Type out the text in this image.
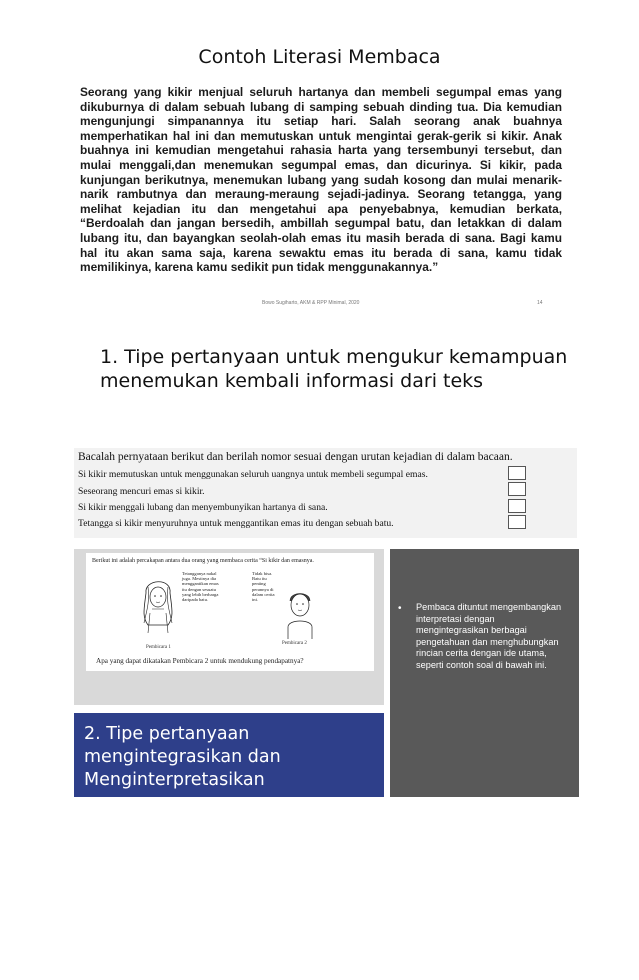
Contoh Literasi Membaca
Seorang yang kikir menjual seluruh hartanya dan membeli segumpal emas yang dikuburnya di dalam sebuah lubang di samping sebuah dinding tua. Dia kemudian mengunjungi simpanannya itu setiap hari. Salah seorang anak buahnya memperhatikan hal ini dan memutuskan untuk mengintai gerak-gerik si kikir. Anak buahnya ini kemudian mengetahui rahasia harta yang tersembunyi tersebut, dan mulai menggali,dan menemukan segumpal emas, dan dicurinya. Si kikir, pada kunjungan berikutnya, menemukan lubang yang sudah kosong dan mulai menarik-narik rambutnya dan meraung-meraung sejadi-jadinya. Seorang tetangga, yang melihat kejadian itu dan mengetahui apa penyebabnya, kemudian berkata, “Berdoalah dan jangan bersedih, ambillah segumpal batu, dan letakkan di dalam lubang itu, dan bayangkan seolah-olah emas itu masih berada di sana. Bagi kamu hal itu akan sama saja, karena sewaktu emas itu berada di sana, kamu tidak memilikinya, karena kamu sedikit pun tidak menggunakannya.”
Bowo Sugiharto, AKM & RPP Minimal, 2020	14
1. Tipe pertanyaan untuk mengukur kemampuan menemukan kembali informasi dari teks
Bacalah pernyataan berikut dan berilah nomor sesuai dengan urutan kejadian di dalam bacaan.
Si kikir memutuskan untuk menggunakan seluruh uangnya untuk membeli segumpal emas.
Seseorang mencuri emas si kikir.
Si kikir menggali lubang dan menyembunyikan hartanya di sana.
Tetangga si kikir menyuruhnya untuk menggantikan emas itu dengan sebuah batu.
Berikut ini adalah percakapan antara dua orang yang membaca cerita “Si kikir dan emasnya.
Tetangganya nakal juga. Mestinya dia menggantikan emas itu dengan sesuatu yang lebih berharga daripada batu.
Tidak bisa. Batu itu penting perannya di dalam cerita ini.
Pembicara 1
Pembicara 2
Apa yang dapat dikatakan Pembicara 2 untuk mendukung pendapatnya?
•	Pembaca dituntut mengembangkan interpretasi dengan mengintegrasikan berbagai pengetahuan dan menghubungkan rincian cerita dengan ide utama, seperti contoh soal di bawah ini.
2. Tipe pertanyaan mengintegrasikan dan Menginterpretasikan
